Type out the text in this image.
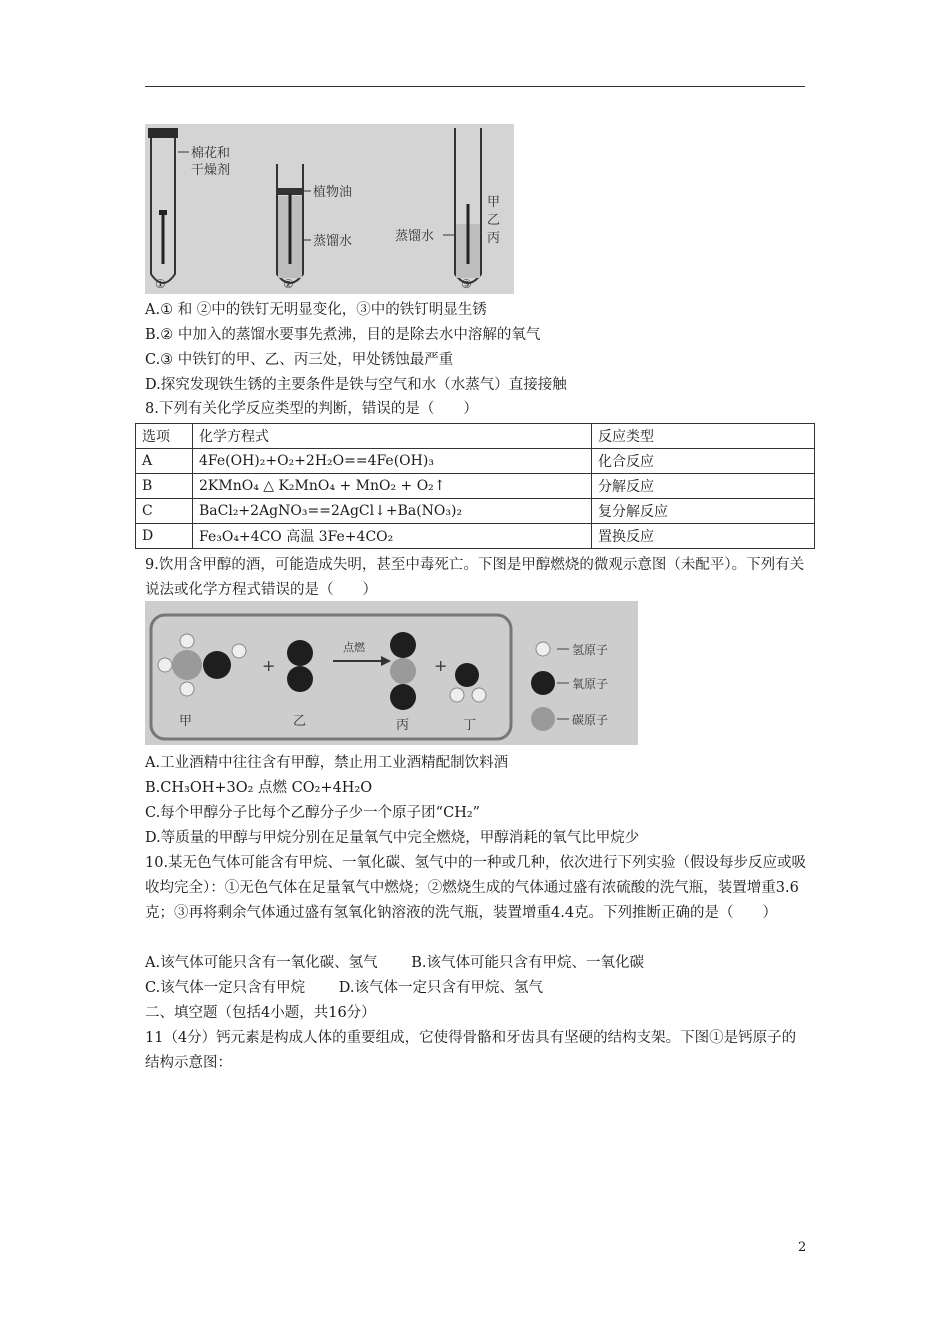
棉花和
干燥剂
①
植物油
蒸馏水
②
蒸馏水
甲
乙
丙
③
A.① 和 ②中的铁钉无明显变化，③中的铁钉明显生锈
B.② 中加入的蒸馏水要事先煮沸，目的是除去水中溶解的氧气
C.③ 中铁钉的甲、乙、丙三处，甲处锈蚀最严重
D.探究发现铁生锈的主要条件是铁与空气和水（水蒸气）直接接触
8.下列有关化学反应类型的判断，错误的是（　　）
选项	化学方程式	反应类型
A	4Fe(OH)₂+O₂+2H₂O==4Fe(OH)₃	化合反应
B	2KMnO₄ △ K₂MnO₄ + MnO₂ + O₂↑	分解反应
C	BaCl₂+2AgNO₃==2AgCl↓+Ba(NO₃)₂	复分解反应
D	Fe₃O₄+4CO 高温 3Fe+4CO₂	置换反应
9.饮用含甲醇的酒，可能造成失明，甚至中毒死亡。下图是甲醇燃烧的微观示意图（未配平）。下列有关说法或化学方程式错误的是（　　）
甲
+
乙
点燃
丙
+
丁
氢原子
氧原子
碳原子
A.工业酒精中往往含有甲醇，禁止用工业酒精配制饮料酒
B.CH₃OH+3O₂ 点燃 CO₂+4H₂O
C.每个甲醇分子比每个乙醇分子少一个原子团“CH₂”
D.等质量的甲醇与甲烷分别在足量氧气中完全燃烧，甲醇消耗的氧气比甲烷少
10.某无色气体可能含有甲烷、一氧化碳、氢气中的一种或几种，依次进行下列实验（假设每步反应或吸收均完全）：①无色气体在足量氧气中燃烧；②燃烧生成的气体通过盛有浓硫酸的洗气瓶，装置增重3.6克；③再将剩余气体通过盛有氢氧化钠溶液的洗气瓶，装置增重4.4克。下列推断正确的是（　　）
A.该气体可能只含有一氧化碳、氢气　　 B.该气体可能只含有甲烷、一氧化碳
C.该气体一定只含有甲烷　　 D.该气体一定只含有甲烷、氢气
二、填空题（包括4小题，共16分）
11（4分）钙元素是构成人体的重要组成，它使得骨骼和牙齿具有坚硬的结构支架。下图①是钙原子的结构示意图：
2
